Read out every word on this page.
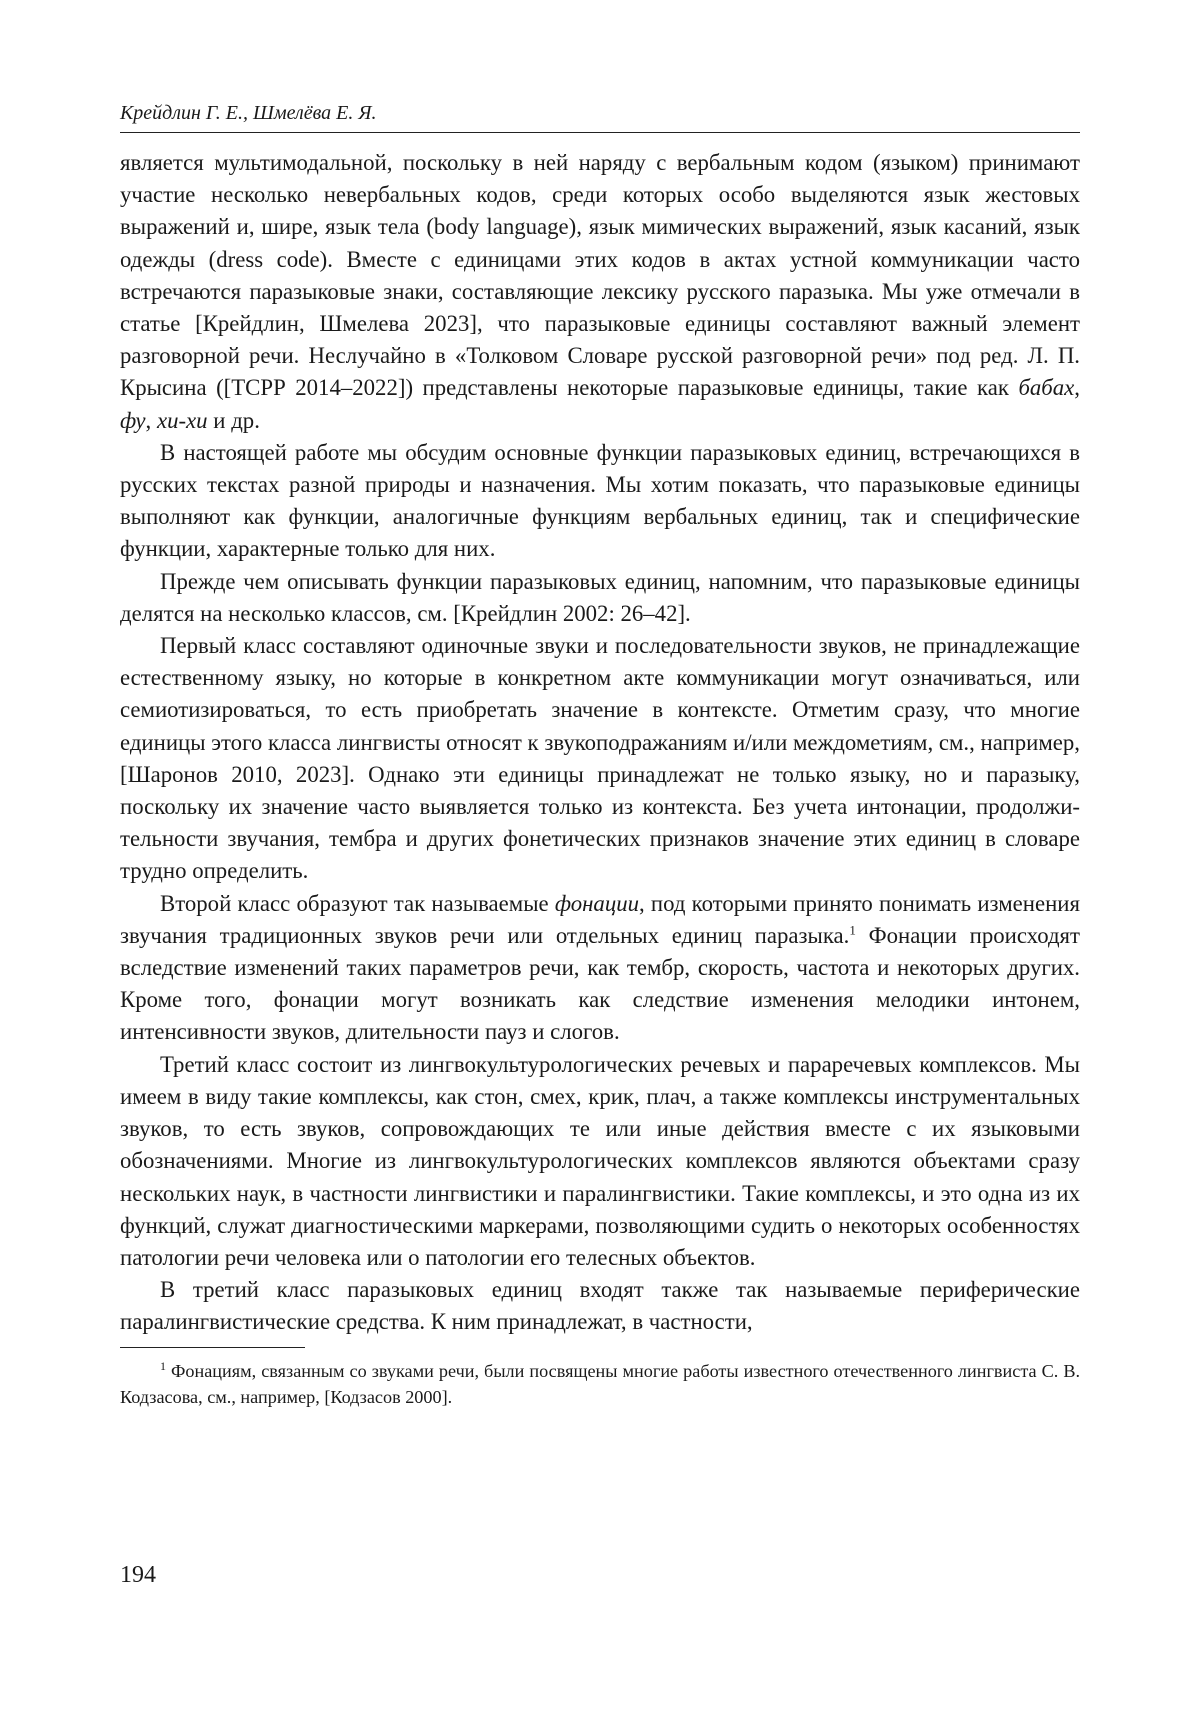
Крейдлин Г. Е., Шмелёва Е. Я.

является мультимодальной, поскольку в ней наряду с вербальным кодом (языком) принимают участие несколько невербальных кодов, среди которых особо выделяются язык жестовых выражений и, шире, язык тела (body language), язык мимических выражений, язык касаний, язык одежды (dress code). Вместе с единицами этих кодов в актах устной коммуникации часто встречаются паразыковые знаки, составляющие лексику русского паразыка. Мы уже отмечали в статье [Крейдлин, Шмелева 2023], что паразыковые единицы составляют важный элемент разговорной речи. Неслучайно в «Толковом Словаре русской разговорной речи» под ред. Л. П. Крысина ([ТСРР 2014–2022]) представлены некоторые паразыковые единицы, такие как бабах, фу, хи-хи и др.

В настоящей работе мы обсудим основные функции паразыковых единиц, встречающихся в русских текстах разной природы и назначения. Мы хотим показать, что паразыковые единицы выполняют как функции, аналогичные функциям вербальных единиц, так и специфические функции, характерные только для них.

Прежде чем описывать функции паразыковых единиц, напомним, что паразыковые единицы делятся на несколько классов, см. [Крейдлин 2002: 26–42].

Первый класс составляют одиночные звуки и последовательности звуков, не принадлежащие естественному языку, но которые в конкретном акте коммуникации могут означиваться, или семиотизироваться, то есть приобретать значение в контексте. Отметим сразу, что многие единицы этого класса лингвисты относят к звукоподражаниям и/или междометиям, см., например, [Шаронов 2010, 2023]. Однако эти единицы принадлежат не только языку, но и паразыку, поскольку их значение часто выявляется только из контекста. Без учета интонации, продолжительности звучания, тембра и других фонетических признаков значение этих единиц в словаре трудно определить.

Второй класс образуют так называемые фонации, под которыми принято понимать изменения звучания традиционных звуков речи или отдельных единиц паразыка.$^1$ Фонации происходят вследствие изменений таких параметров речи, как тембр, скорость, частота и некоторых других. Кроме того, фонации могут возникать как следствие изменения мелодики интонем, интенсивности звуков, длительности пауз и слогов.

Третий класс состоит из лингвокультурологических речевых и параречевых комплексов. Мы имеем в виду такие комплексы, как стон, смех, крик, плач, а также комплексы инструментальных звуков, то есть звуков, сопровождающих те или иные действия вместе с их языковыми обозначениями. Многие из лингвокультурологических комплексов являются объектами сразу нескольких наук, в частности лингвистики и паралингвистики. Такие комплексы, и это одна из их функций, служат диагностическими маркерами, позволяющими судить о некоторых особенностях патологии речи человека или о патологии его телесных объектов.

В третий класс паразыковых единиц входят также так называемые периферические паралингвистические средства. К ним принадлежат, в частности,

$^1$ Фонациям, связанным со звуками речи, были посвящены многие работы известного отечественного лингвиста С. В. Кодзасова, см., например, [Кодзасов 2000].
194
